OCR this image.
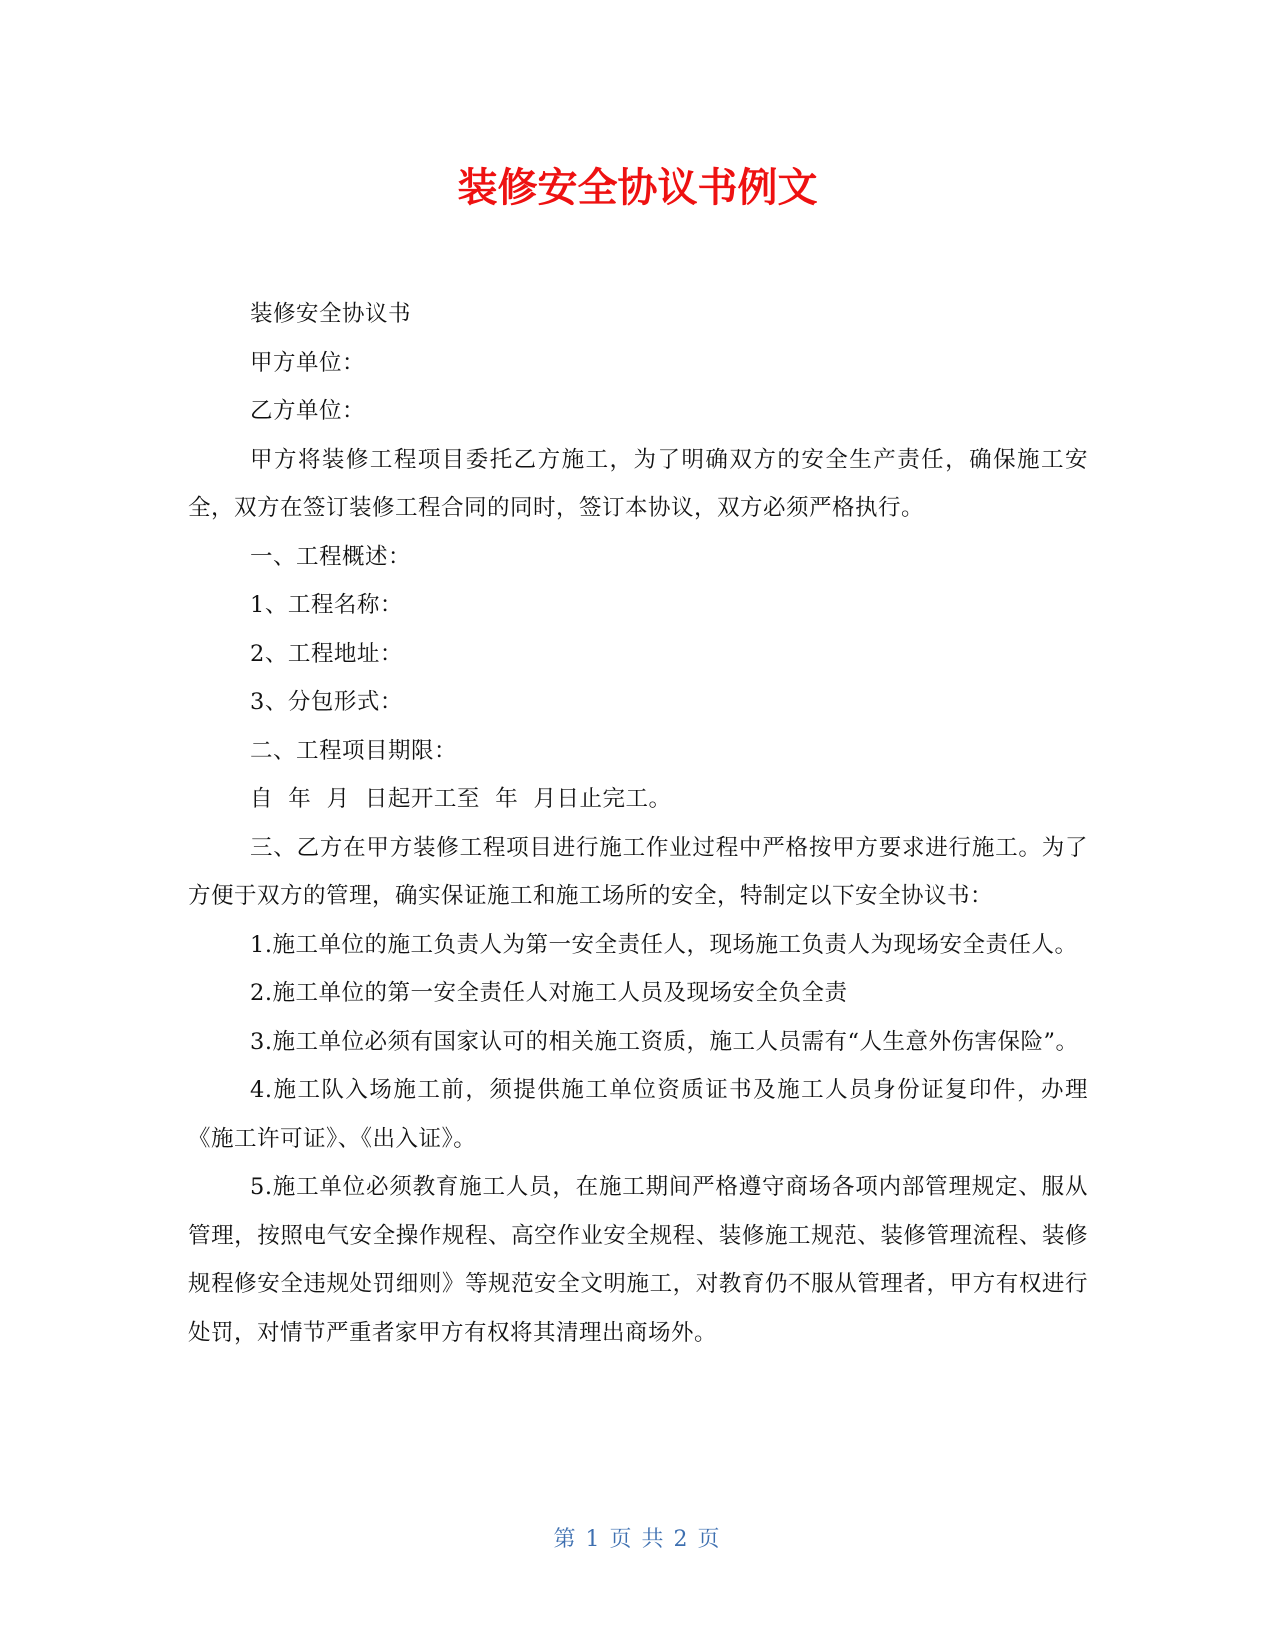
装修安全协议书例文

装修安全协议书

甲方单位：

乙方单位：

甲方将装修工程项目委托乙方施工，为了明确双方的安全生产责任，确保施工安全，双方在签订装修工程合同的同时，签订本协议，双方必须严格执行。

一、工程概述：

1、工程名称：

2、工程地址：

3、分包形式：

二、工程项目期限：

自  年  月  日起开工至  年  月日止完工。

三、乙方在甲方装修工程项目进行施工作业过程中严格按甲方要求进行施工。为了方便于双方的管理，确实保证施工和施工场所的安全，特制定以下安全协议书：

1.施工单位的施工负责人为第一安全责任人，现场施工负责人为现场安全责任人。

2.施工单位的第一安全责任人对施工人员及现场安全负全责

3.施工单位必须有国家认可的相关施工资质，施工人员需有“人生意外伤害保险”。

4.施工队入场施工前，须提供施工单位资质证书及施工人员身份证复印件，办理《施工许可证》、《出入证》。

5.施工单位必须教育施工人员，在施工期间严格遵守商场各项内部管理规定、服从管理，按照电气安全操作规程、高空作业安全规程、装修施工规范、装修管理流程、装修规程修安全违规处罚细则》等规范安全文明施工，对教育仍不服从管理者，甲方有权进行处罚，对情节严重者家甲方有权将其清理出商场外。

第 1 页 共 2 页
